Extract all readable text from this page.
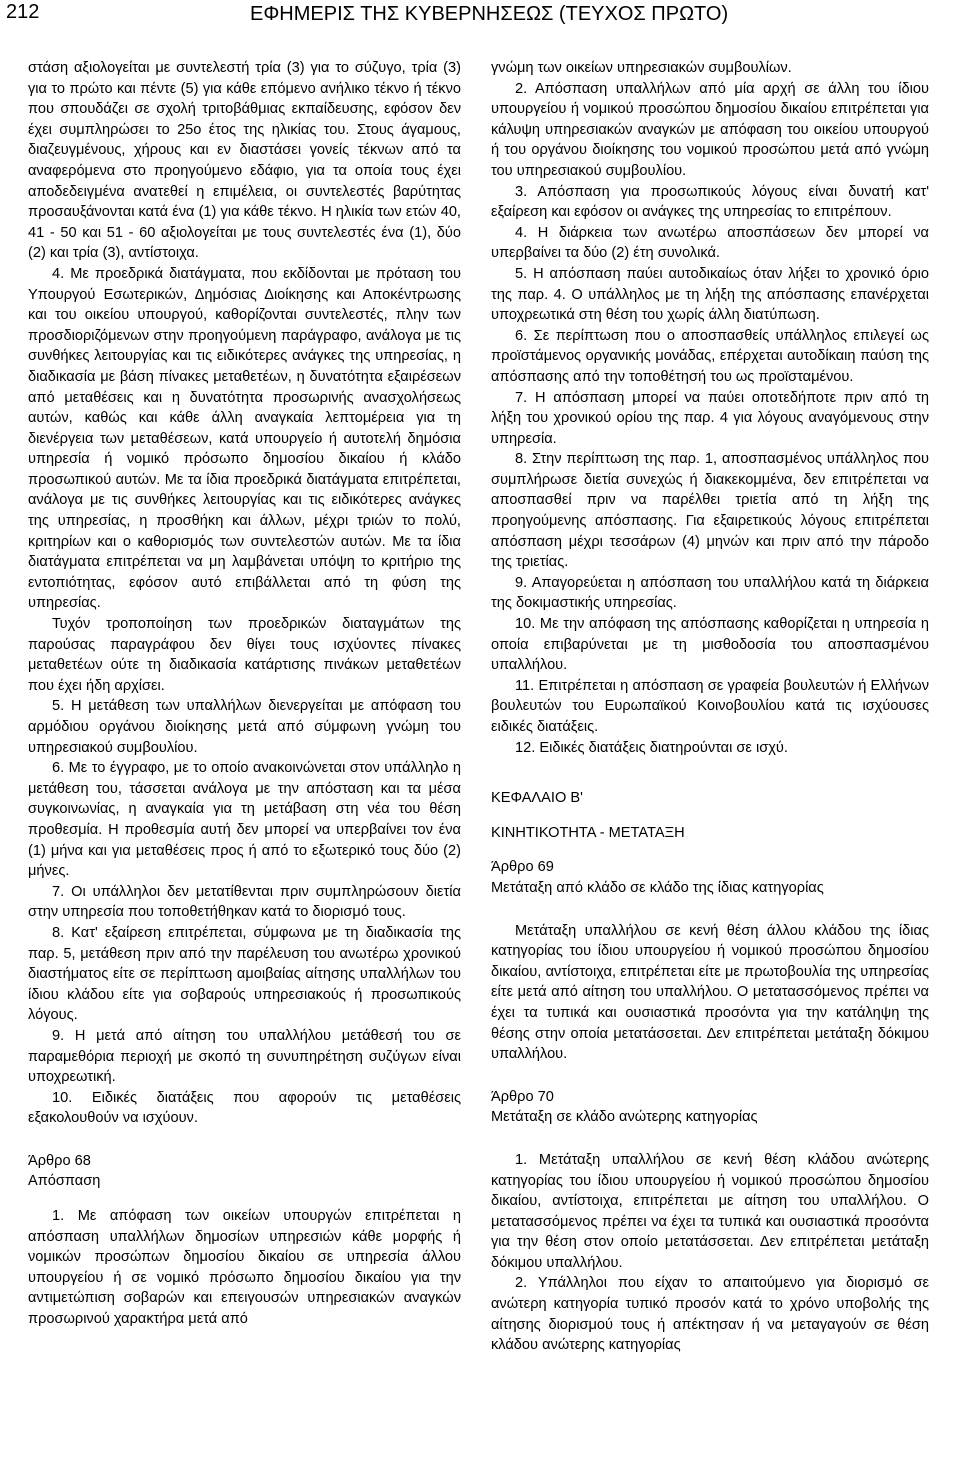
212	ΕΦΗΜΕΡΙΣ ΤΗΣ ΚΥΒΕΡΝΗΣΕΩΣ (ΤΕΥΧΟΣ ΠΡΩΤΟ)

στάση αξιολογείται με συντελεστή τρία (3) για το σύζυγο, τρία (3) για το πρώτο και πέντε (5) για κάθε επόμενο ανήλικο τέκνο ή τέκνο που σπουδάζει σε σχολή τριτοβάθμιας εκπαίδευσης, εφόσον δεν έχει συμπληρώσει το 25ο έτος της ηλικίας του. Στους άγαμους, διαζευγμένους, χήρους και εν διαστάσει γονείς τέκνων από τα αναφερόμενα στο προηγούμενο εδάφιο, για τα οποία τους έχει αποδεδειγμένα ανατεθεί η επιμέλεια, οι συντελεστές βαρύτητας προσαυξάνονται κατά ένα (1) για κάθε τέκνο. Η ηλικία των ετών 40, 41 - 50 και 51 - 60 αξιολογείται με τους συντελεστές ένα (1), δύο (2) και τρία (3), αντίστοιχα.

4. Με προεδρικά διατάγματα, που εκδίδονται με πρόταση του Υπουργού Εσωτερικών, Δημόσιας Διοίκησης και Αποκέντρωσης και του οικείου υπουργού, καθορίζονται συντελεστές, πλην των προσδιοριζόμενων στην προηγούμενη παράγραφο, ανάλογα με τις συνθήκες λειτουργίας και τις ειδικότερες ανάγκες της υπηρεσίας, η διαδικασία με βάση πίνακες μεταθετέων, η δυνατότητα εξαιρέσεων από μεταθέσεις και η δυνατότητα προσωρινής ανασχολήσεως αυτών, καθώς και κάθε άλλη αναγκαία λεπτομέρεια για τη διενέργεια των μεταθέσεων, κατά υπουργείο ή αυτοτελή δημόσια υπηρεσία ή νομικό πρόσωπο δημοσίου δικαίου ή κλάδο προσωπικού αυτών. Με τα ίδια προεδρικά διατάγματα επιτρέπεται, ανάλογα με τις συνθήκες λειτουργίας και τις ειδικότερες ανάγκες της υπηρεσίας, η προσθήκη και άλλων, μέχρι τριών το πολύ, κριτηρίων και ο καθορισμός των συντελεστών αυτών. Με τα ίδια διατάγματα επιτρέπεται να μη λαμβάνεται υπόψη το κριτήριο της εντοπιότητας, εφόσον αυτό επιβάλλεται από τη φύση της υπηρεσίας.

Τυχόν τροποποίηση των προεδρικών διαταγμάτων της παρούσας παραγράφου δεν θίγει τους ισχύοντες πίνακες μεταθετέων ούτε τη διαδικασία κατάρτισης πινάκων μεταθετέων που έχει ήδη αρχίσει.

5. Η μετάθεση των υπαλλήλων διενεργείται με απόφαση του αρμόδιου οργάνου διοίκησης μετά από σύμφωνη γνώμη του υπηρεσιακού συμβουλίου.

6. Με το έγγραφο, με το οποίο ανακοινώνεται στον υπάλληλο η μετάθεση του, τάσσεται ανάλογα με την απόσταση και τα μέσα συγκοινωνίας, η αναγκαία για τη μετάβαση στη νέα του θέση προθεσμία. Η προθεσμία αυτή δεν μπορεί να υπερβαίνει τον ένα (1) μήνα και για μεταθέσεις προς ή από το εξωτερικό τους δύο (2) μήνες.

7. Οι υπάλληλοι δεν μετατίθενται πριν συμπληρώσουν διετία στην υπηρεσία που τοποθετήθηκαν κατά το διορισμό τους.

8. Κατ' εξαίρεση επιτρέπεται, σύμφωνα με τη διαδικασία της παρ. 5, μετάθεση πριν από την παρέλευση του ανωτέρω χρονικού διαστήματος είτε σε περίπτωση αμοιβαίας αίτησης υπαλλήλων του ίδιου κλάδου είτε για σοβαρούς υπηρεσιακούς ή προσωπικούς λόγους.

9. Η μετά από αίτηση του υπαλλήλου μετάθεσή του σε παραμεθόρια περιοχή με σκοπό τη συνυπηρέτηση συζύγων είναι υποχρεωτική.

10. Ειδικές διατάξεις που αφορούν τις μεταθέσεις εξακολουθούν να ισχύουν.

Άρθρο 68

Απόσπαση

1. Με απόφαση των οικείων υπουργών επιτρέπεται η απόσπαση υπαλλήλων δημοσίων υπηρεσιών κάθε μορφής ή νομικών προσώπων δημοσίου δικαίου σε υπηρεσία άλλου υπουργείου ή σε νομικό πρόσωπο δημοσίου δικαίου για την αντιμετώπιση σοβαρών και επειγουσών υπηρεσιακών αναγκών προσωρινού χαρακτήρα μετά από

γνώμη των οικείων υπηρεσιακών συμβουλίων.

2. Απόσπαση υπαλλήλων από μία αρχή σε άλλη του ίδιου υπουργείου ή νομικού προσώπου δημοσίου δικαίου επιτρέπεται για κάλυψη υπηρεσιακών αναγκών με απόφαση του οικείου υπουργού ή του οργάνου διοίκησης του νομικού προσώπου μετά από γνώμη του υπηρεσιακού συμβουλίου.

3. Απόσπαση για προσωπικούς λόγους είναι δυνατή κατ' εξαίρεση και εφόσον οι ανάγκες της υπηρεσίας το επιτρέπουν.

4. Η διάρκεια των ανωτέρω αποσπάσεων δεν μπορεί να υπερβαίνει τα δύο (2) έτη συνολικά.

5. Η απόσπαση παύει αυτοδικαίως όταν λήξει το χρονικό όριο της παρ. 4. Ο υπάλληλος με τη λήξη της απόσπασης επανέρχεται υποχρεωτικά στη θέση του χωρίς άλλη διατύπωση.

6. Σε περίπτωση που ο αποσπασθείς υπάλληλος επιλεγεί ως προϊστάμενος οργανικής μονάδας, επέρχεται αυτοδίκαιη παύση της απόσπασης από την τοποθέτησή του ως προϊσταμένου.

7. Η απόσπαση μπορεί να παύει οποτεδήποτε πριν από τη λήξη του χρονικού ορίου της παρ. 4 για λόγους αναγόμενους στην υπηρεσία.

8. Στην περίπτωση της παρ. 1, αποσπασμένος υπάλληλος που συμπλήρωσε διετία συνεχώς ή διακεκομμένα, δεν επιτρέπεται να αποσπασθεί πριν να παρέλθει τριετία από τη λήξη της προηγούμενης απόσπασης. Για εξαιρετικούς λόγους επιτρέπεται απόσπαση μέχρι τεσσάρων (4) μηνών και πριν από την πάροδο της τριετίας.

9. Απαγορεύεται η απόσπαση του υπαλλήλου κατά τη διάρκεια της δοκιμαστικής υπηρεσίας.

10. Με την απόφαση της απόσπασης καθορίζεται η υπηρεσία η οποία επιβαρύνεται με τη μισθοδοσία του αποσπασμένου υπαλλήλου.

11. Επιτρέπεται η απόσπαση σε γραφεία βουλευτών ή Ελλήνων βουλευτών του Ευρωπαϊκού Κοινοβουλίου κατά τις ισχύουσες ειδικές διατάξεις.

12. Ειδικές διατάξεις διατηρούνται σε ισχύ.

ΚΕΦΑΛΑΙΟ Β'

ΚΙΝΗΤΙΚΟΤΗΤΑ - ΜΕΤΑΤΑΞΗ

Άρθρο 69

Μετάταξη από κλάδο σε κλάδο της ίδιας κατηγορίας

Μετάταξη υπαλλήλου σε κενή θέση άλλου κλάδου της ίδιας κατηγορίας του ίδιου υπουργείου ή νομικού προσώπου δημοσίου δικαίου, αντίστοιχα, επιτρέπεται είτε με πρωτοβουλία της υπηρεσίας είτε μετά από αίτηση του υπαλλήλου. Ο μετατασσόμενος πρέπει να έχει τα τυπικά και ουσιαστικά προσόντα για την κατάληψη της θέσης στην οποία μετατάσσεται. Δεν επιτρέπεται μετάταξη δόκιμου υπαλλήλου.

Άρθρο 70

Μετάταξη σε κλάδο ανώτερης κατηγορίας

1. Μετάταξη υπαλλήλου σε κενή θέση κλάδου ανώτερης κατηγορίας του ίδιου υπουργείου ή νομικού προσώπου δημοσίου δικαίου, αντίστοιχα, επιτρέπεται με αίτηση του υπαλλήλου. Ο μετατασσόμενος πρέπει να έχει τα τυπικά και ουσιαστικά προσόντα για την θέση στον οποίο μετατάσσεται. Δεν επιτρέπεται μετάταξη δόκιμου υπαλλήλου.

2. Υπάλληλοι που είχαν το απαιτούμενο για διορισμό σε ανώτερη κατηγορία τυπικό προσόν κατά το χρόνο υποβολής της αίτησης διορισμού τους ή απέκτησαν ή να μεταγαγούν σε θέση κλάδου ανώτερης κατηγορίας
